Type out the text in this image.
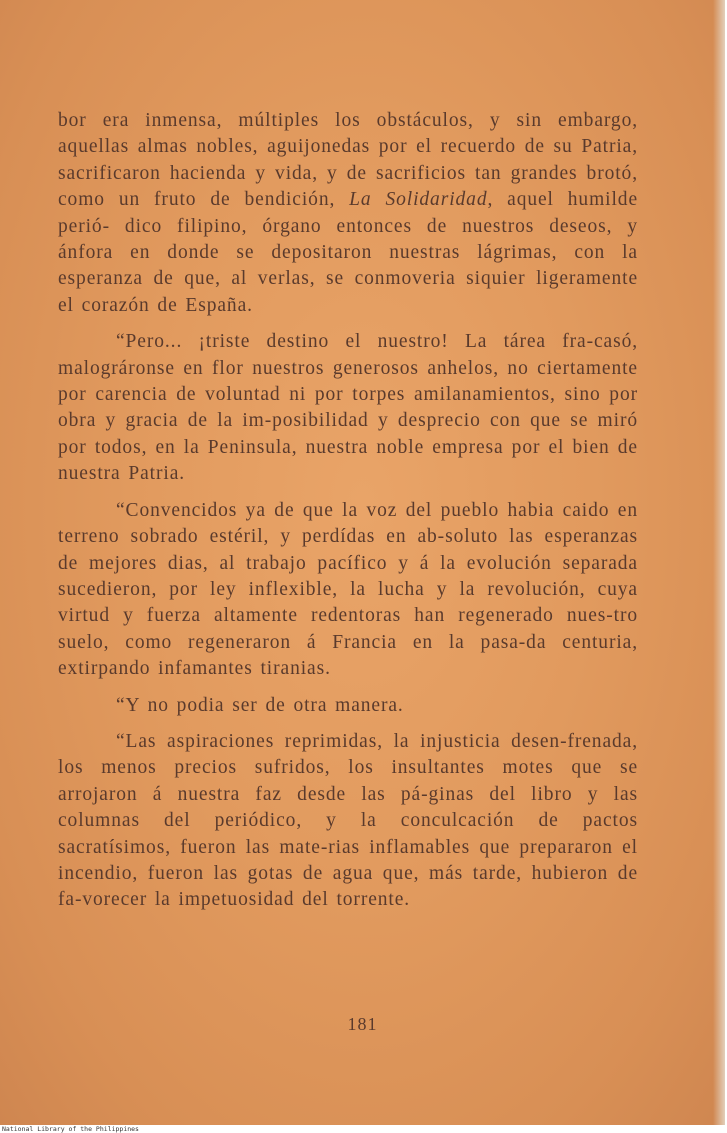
bor era inmensa, múltiples los obstáculos, y sin embargo, aquellas almas nobles, aguijonedas por el recuerdo de su Patria, sacrificaron hacienda y vida, y de sacrificios tan grandes brotó, como un fruto de bendición, La Solidaridad, aquel humilde perió- dico filipino, órgano entonces de nuestros deseos, y ánfora en donde se depositaron nuestras lágrimas, con la esperanza de que, al verlas, se conmoveria siquier ligeramente el corazón de España.

“Pero... ¡triste destino el nuestro! La tárea fra-casó, malográronse en flor nuestros generosos anhelos, no ciertamente por carencia de voluntad ni por torpes amilanamientos, sino por obra y gracia de la im-posibilidad y desprecio con que se miró por todos, en la Peninsula, nuestra noble empresa por el bien de nuestra Patria.

“Convencidos ya de que la voz del pueblo habia caido en terreno sobrado estéril, y perdídas en ab-soluto las esperanzas de mejores dias, al trabajo pacífico y á la evolución separada sucedieron, por ley inflexible, la lucha y la revolución, cuya virtud y fuerza altamente redentoras han regenerado nues-tro suelo, como regeneraron á Francia en la pasa-da centuria, extirpando infamantes tiranias.

“Y no podia ser de otra manera.

“Las aspiraciones reprimidas, la injusticia desen-frenada, los menos precios sufridos, los insultantes motes que se arrojaron á nuestra faz desde las pá-ginas del libro y las columnas del periódico, y la conculcación de pactos sacratísimos, fueron las mate-rias inflamables que prepararon el incendio, fueron las gotas de agua que, más tarde, hubieron de fa-vorecer la impetuosidad del torrente.

181
National Library of the Philippines
